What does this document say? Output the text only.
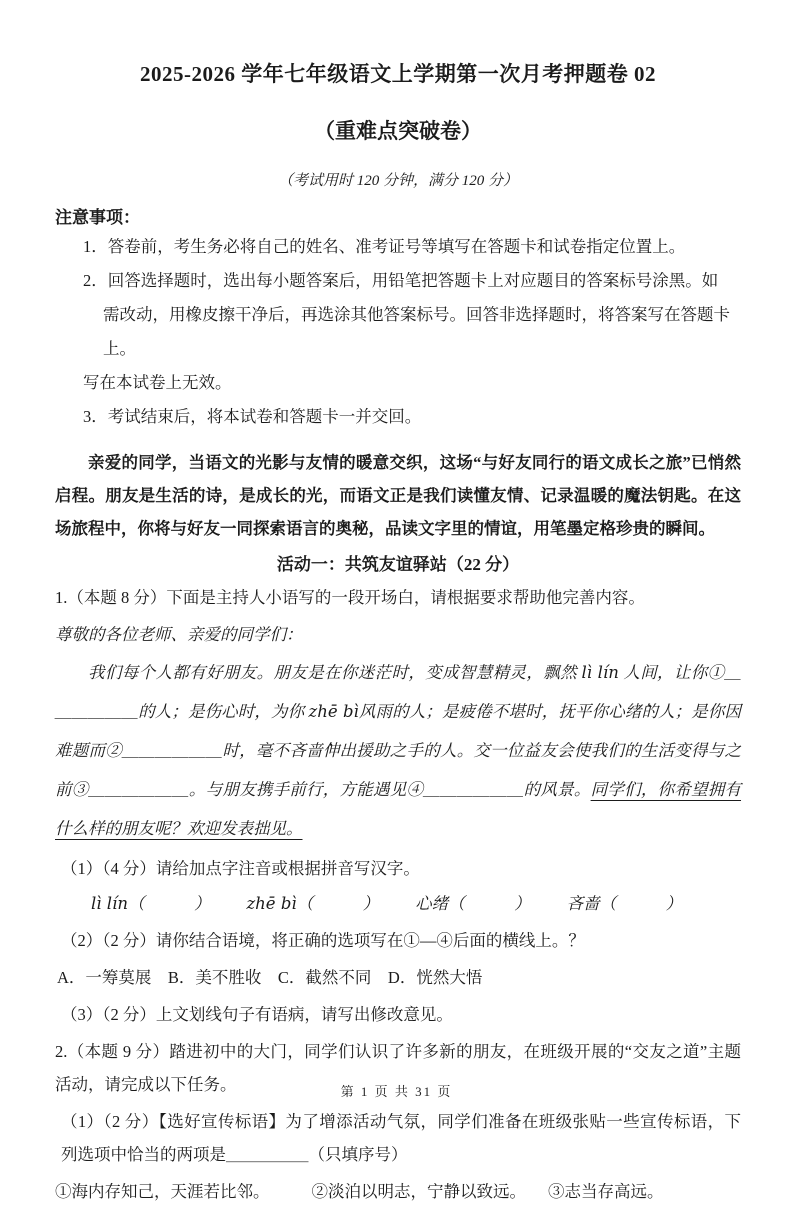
2025-2026 学年七年级语文上学期第一次月考押题卷 02
（重难点突破卷）
（考试用时 120 分钟，满分 120 分）
注意事项：
1．答卷前，考生务必将自己的姓名、准考证号等填写在答题卡和试卷指定位置上。
2．回答选择题时，选出每小题答案后，用铅笔把答题卡上对应题目的答案标号涂黑。如
需改动，用橡皮擦干净后，再选涂其他答案标号。回答非选择题时，将答案写在答题卡上。
写在本试卷上无效。
3．考试结束后，将本试卷和答题卡一并交回。
亲爱的同学，当语文的光影与友情的暖意交织，这场“与好友同行的语文成长之旅”已悄然启程。朋友是生活的诗，是成长的光，而语文正是我们读懂友情、记录温暖的魔法钥匙。在这场旅程中，你将与好友一同探索语言的奥秘，品读文字里的情谊，用笔墨定格珍贵的瞬间。
活动一：共筑友谊驿站（22 分）
1.（本题 8 分）下面是主持人小语写的一段开场白，请根据要求帮助他完善内容。
尊敬的各位老师、亲爱的同学们：

我们每个人都有好朋友。朋友是在你迷茫时，变成智慧精灵，飘然 lì lín 人间，让你①＿＿＿＿＿＿的人；是伤心时，为你 zhē bì风雨的人；是疲倦不堪时，抚平你心绪 •的人；是你因难题而②＿＿＿＿＿＿时，毫不吝啬 •伸出援助之手的人。交一位益友会使我们的生活变得与之前③＿＿＿＿＿＿。与朋友携手前行，方能遇见④＿＿＿＿＿＿的风景。同学们，你希望拥有什么样的朋友呢？欢迎发表拙见。

（1）（4 分）请给加点字注音或根据拼音写汉字。
lì lín（　　　） zhē bì（　　　） 心绪 •（　　　） 吝啬 •（　　　）
（2）（2 分）请你结合语境，将正确的选项写在①—④后面的横线上。？
A．一筹莫展　B．美不胜收　C．截然不同　D．恍然大悟
（3）（2 分）上文划线句子有语病，请写出修改意见。
2.（本题 9 分）踏进初中的大门，同学们认识了许多新的朋友，在班级开展的“交友之道”主题活动，请完成以下任务。
（1）（2 分）【选好宣传标语】为了增添活动气氛，同学们准备在班级张贴一些宣传标语，下列选项中恰当的两项是＿＿＿＿＿（只填序号）
①海内存知己，天涯若比邻。	②淡泊以明志，宁静以致远。 ③志当存高远。
第 1 页 共 31 页
